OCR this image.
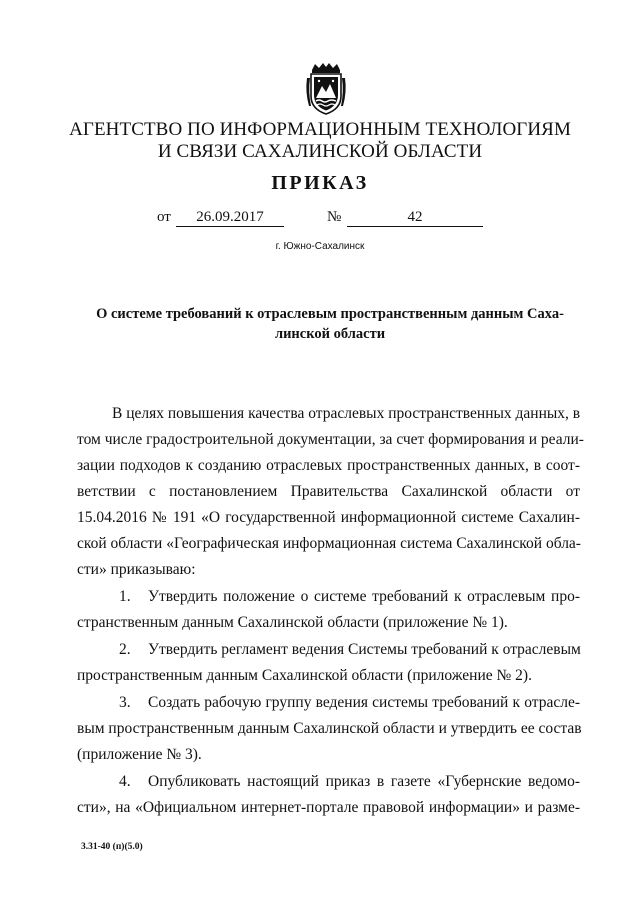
АГЕНТСТВО ПО ИНФОРМАЦИОННЫМ ТЕХНОЛОГИЯМ
И СВЯЗИ САХАЛИНСКОЙ ОБЛАСТИ
ПРИКАЗ
от	26.09.2017	№	42
г. Южно-Сахалинск
О системе требований к отраслевым пространственным данным Саха-
линской области
В целях повышения качества отраслевых пространственных данных, в
том числе градостроительной документации, за счет формирования и реали-
зации подходов к созданию отраслевых пространственных данных, в соот-
ветствии с постановлением Правительства Сахалинской области от
15.04.2016 № 191 «О государственной информационной системе Сахалин-
ской области «Географическая информационная система Сахалинской обла-
сти» приказываю:
1. Утвердить положение о системе требований к отраслевым про-
странственным данным Сахалинской области (приложение № 1).
2. Утвердить регламент ведения Системы требований к отраслевым
пространственным данным Сахалинской области (приложение № 2).
3. Создать рабочую группу ведения системы требований к отрасле-
вым пространственным данным Сахалинской области и утвердить ее состав
(приложение № 3).
4. Опубликовать настоящий приказ в газете «Губернские ведомо-
сти», на «Официальном интернет-портале правовой информации» и разме-
3.31-40 (п)(5.0)
